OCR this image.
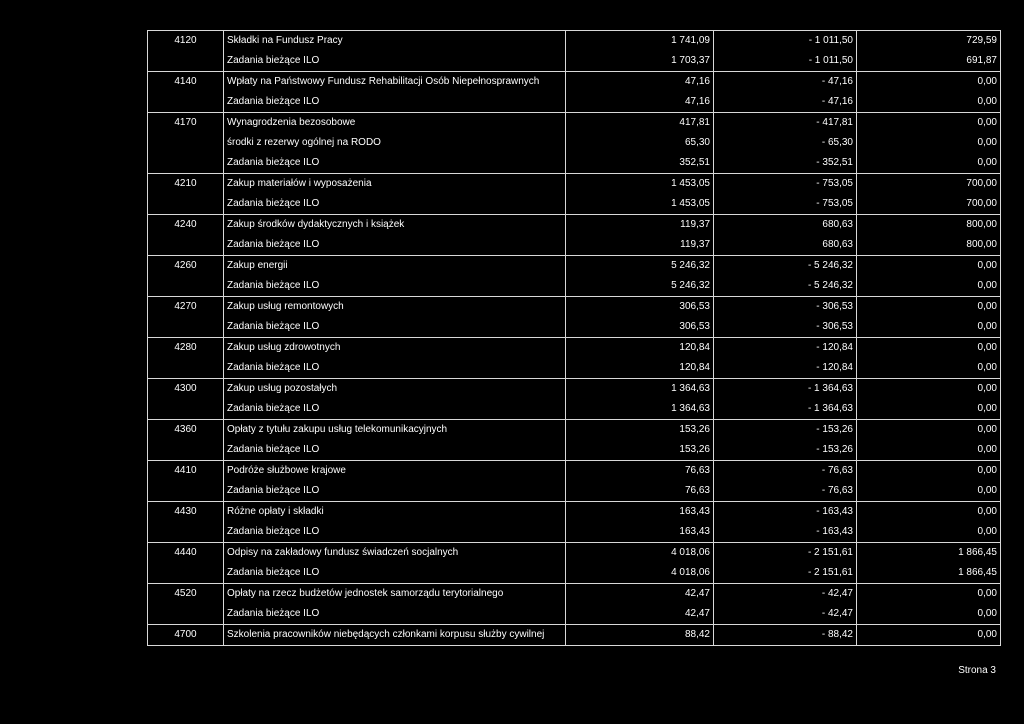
4120	Składki na Fundusz Pracy	1 741,09	- 1 011,50	729,59
	Zadania bieżące ILO	1 703,37	- 1 011,50	691,87
4140	Wpłaty na Państwowy Fundusz Rehabilitacji Osób Niepełnosprawnych	47,16	- 47,16	0,00
	Zadania bieżące ILO	47,16	- 47,16	0,00
4170	Wynagrodzenia bezosobowe	417,81	- 417,81	0,00
	środki z rezerwy ogólnej na RODO	65,30	- 65,30	0,00
	Zadania bieżące ILO	352,51	- 352,51	0,00
4210	Zakup materiałów i wyposażenia	1 453,05	- 753,05	700,00
	Zadania bieżące ILO	1 453,05	- 753,05	700,00
4240	Zakup środków dydaktycznych i książek	119,37	680,63	800,00
	Zadania bieżące ILO	119,37	680,63	800,00
4260	Zakup energii	5 246,32	- 5 246,32	0,00
	Zadania bieżące ILO	5 246,32	- 5 246,32	0,00
4270	Zakup usług remontowych	306,53	- 306,53	0,00
	Zadania bieżące ILO	306,53	- 306,53	0,00
4280	Zakup usług zdrowotnych	120,84	- 120,84	0,00
	Zadania bieżące ILO	120,84	- 120,84	0,00
4300	Zakup usług pozostałych	1 364,63	- 1 364,63	0,00
	Zadania bieżące ILO	1 364,63	- 1 364,63	0,00
4360	Opłaty z tytułu zakupu usług telekomunikacyjnych	153,26	- 153,26	0,00
	Zadania bieżące ILO	153,26	- 153,26	0,00
4410	Podróże służbowe krajowe	76,63	- 76,63	0,00
	Zadania bieżące ILO	76,63	- 76,63	0,00
4430	Różne opłaty i składki	163,43	- 163,43	0,00
	Zadania bieżące ILO	163,43	- 163,43	0,00
4440	Odpisy na zakładowy fundusz świadczeń socjalnych	4 018,06	- 2 151,61	1 866,45
	Zadania bieżące ILO	4 018,06	- 2 151,61	1 866,45
4520	Opłaty na rzecz budżetów jednostek samorządu terytorialnego	42,47	- 42,47	0,00
	Zadania bieżące ILO	42,47	- 42,47	0,00
4700	Szkolenia pracowników niebędących członkami korpusu służby cywilnej	88,42	- 88,42	0,00
Strona 3
